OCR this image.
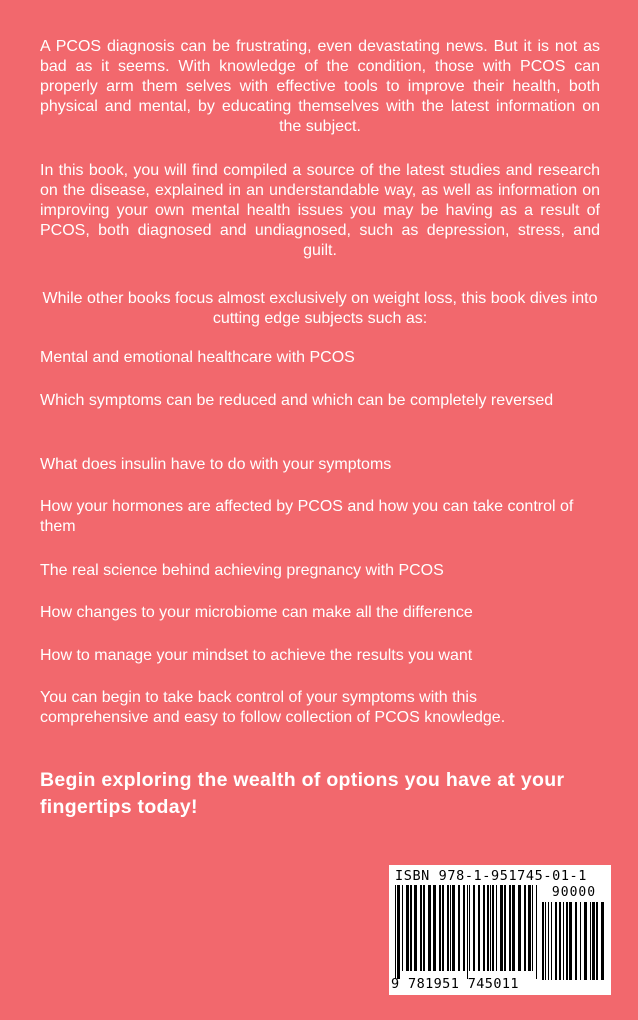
A PCOS diagnosis can be frustrating, even devastating news. But it is not as bad as it seems. With knowledge of the condition, those with PCOS can properly arm them selves with effective tools to improve their health, both physical and mental, by educating themselves with the latest information on the subject.

In this book, you will find compiled a source of the latest studies and research on the disease, explained in an understandable way, as well as information on improving your own mental health issues you may be having as a result of PCOS, both diagnosed and undiagnosed, such as depression, stress, and guilt.

While other books focus almost exclusively on weight loss, this book dives into cutting edge subjects such as:

Mental and emotional healthcare with PCOS

Which symptoms can be reduced and which can be completely reversed

What does insulin have to do with your symptoms

How your hormones are affected by PCOS and how you can take control of them

The real science behind achieving pregnancy with PCOS

How changes to your microbiome can make all the difference

How to manage your mindset to achieve the results you want

You can begin to take back control of your symptoms with this comprehensive and easy to follow collection of PCOS knowledge.

Begin exploring the wealth of options you have at your fingertips today!

ISBN 978-1-951745-01-1
90000
9 781951 745011
